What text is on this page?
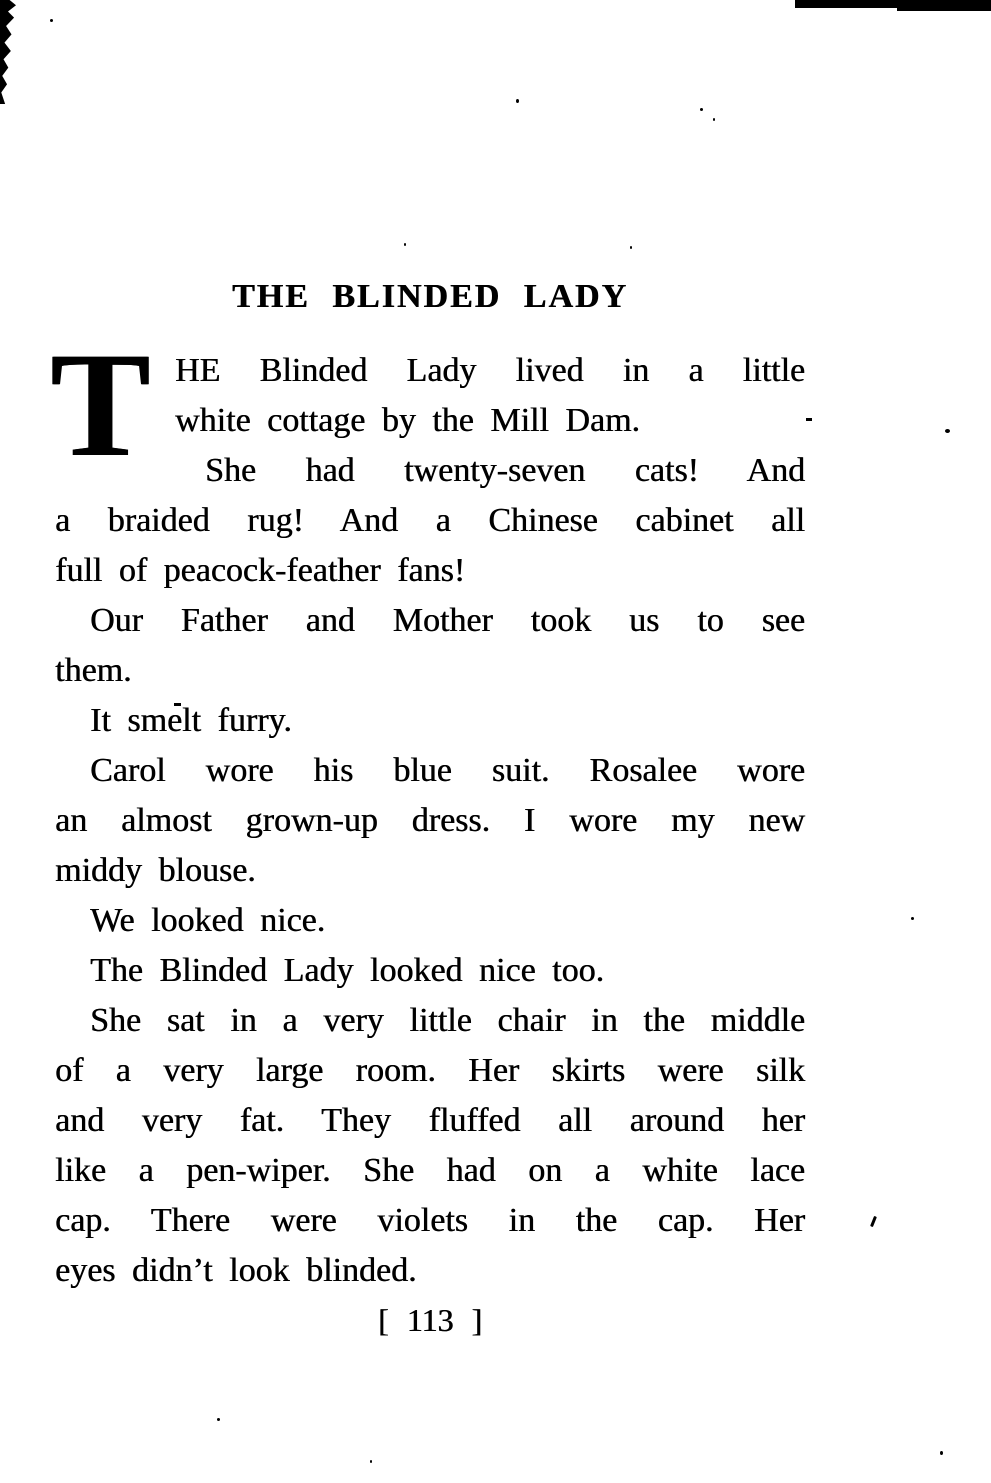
THE BLINDED LADY
T HE Blinded Lady lived in a little
white cottage by the Mill Dam.
She had twenty-seven cats! And
a braided rug! And a Chinese cabinet all
full of peacock-feather fans!
Our Father and Mother took us to see
them.
It smelt furry.
Carol wore his blue suit. Rosalee wore
an almost grown-up dress. I wore my new
middy blouse.
We looked nice.
The Blinded Lady looked nice too.
She sat in a very little chair in the middle
of a very large room. Her skirts were silk
and very fat. They fluffed all around her
like a pen-wiper. She had on a white lace
cap. There were violets in the cap. Her
eyes didn’t look blinded.
[ 113 ]
